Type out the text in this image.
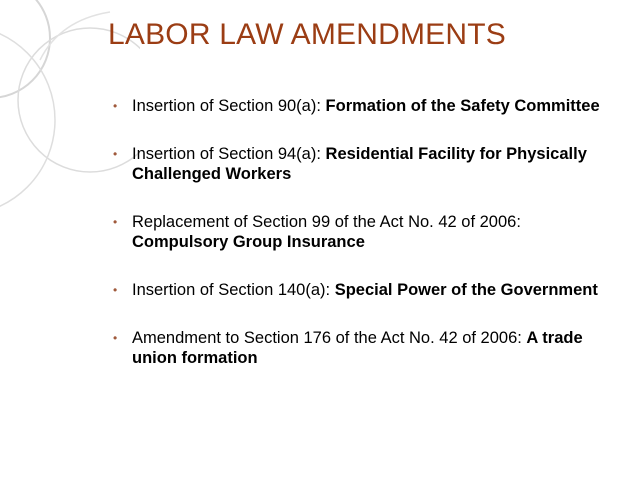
LABOR LAW AMENDMENTS
• Insertion of Section 90(a): Formation of the Safety Committee
• Insertion of Section 94(a): Residential Facility for Physically Challenged Workers
• Replacement of Section 99 of the Act No. 42 of 2006: Compulsory Group Insurance
• Insertion of Section 140(a): Special Power of the Government
• Amendment to Section 176 of the Act No. 42 of 2006: A trade union formation
